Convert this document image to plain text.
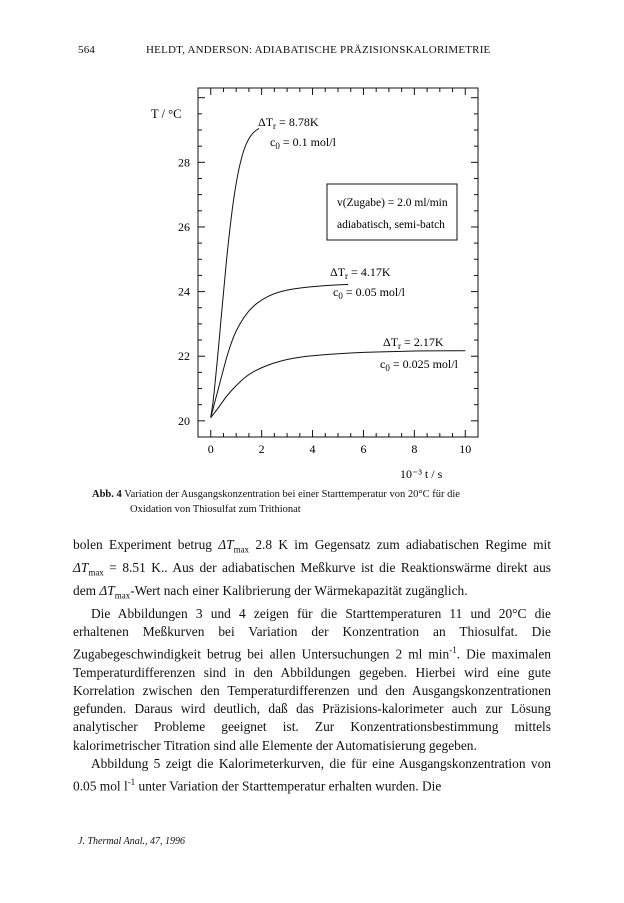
564	HELDT, ANDERSON: ADIABATISCHE PRÄZISIONSKALORIMETRIE
0	2	4	6	8	10
20
22
24
26
28
T / °C
10⁻³ t / s
$\Delta T_r = 8.78K$
$c_0 = 0.1$ mol/l
v(Zugabe) = 2.0 ml/min
adiabatisch, semi-batch
$\Delta T_r = 4.17K$
$c_0 = 0.05$ mol/l
$\Delta T_r = 2.17K$
$c_0 = 0.025$ mol/l
Abb. 4 Variation der Ausgangskonzentration bei einer Starttemperatur von 20°C für die
Oxidation von Thiosulfat zum Trithionat

bolen Experiment betrug $\Delta T_{max}$ 2.8 K im Gegensatz zum adiabatischen Regime mit $\Delta T_{max} = 8.51$ K.. Aus der adiabatischen Meßkurve ist die Reaktionswärme direkt aus dem $\Delta T_{max}$-Wert nach einer Kalibrierung der Wärmekapazität zugänglich.

Die Abbildungen 3 und 4 zeigen für die Starttemperaturen 11 und 20°C die erhaltenen Meßkurven bei Variation der Konzentration an Thiosulfat. Die Zugabegeschwindigkeit betrug bei allen Untersuchungen 2 ml $\min^{-1}$. Die maximalen Temperaturdifferenzen sind in den Abbildungen gegeben. Hierbei wird eine gute Korrelation zwischen den Temperaturdifferenzen und den Ausgangskonzentrationen gefunden. Daraus wird deutlich, daß das Präzisions-kalorimeter auch zur Lösung analytischer Probleme geeignet ist. Zur Konzentrationsbestimmung mittels kalorimetrischer Titration sind alle Elemente der Automatisierung gegeben.

Abbildung 5 zeigt die Kalorimeterkurven, die für eine Ausgangskonzentration von 0.05 mol $l^{-1}$ unter Variation der Starttemperatur erhalten wurden. Die

J. Thermal Anal., 47, 1996
